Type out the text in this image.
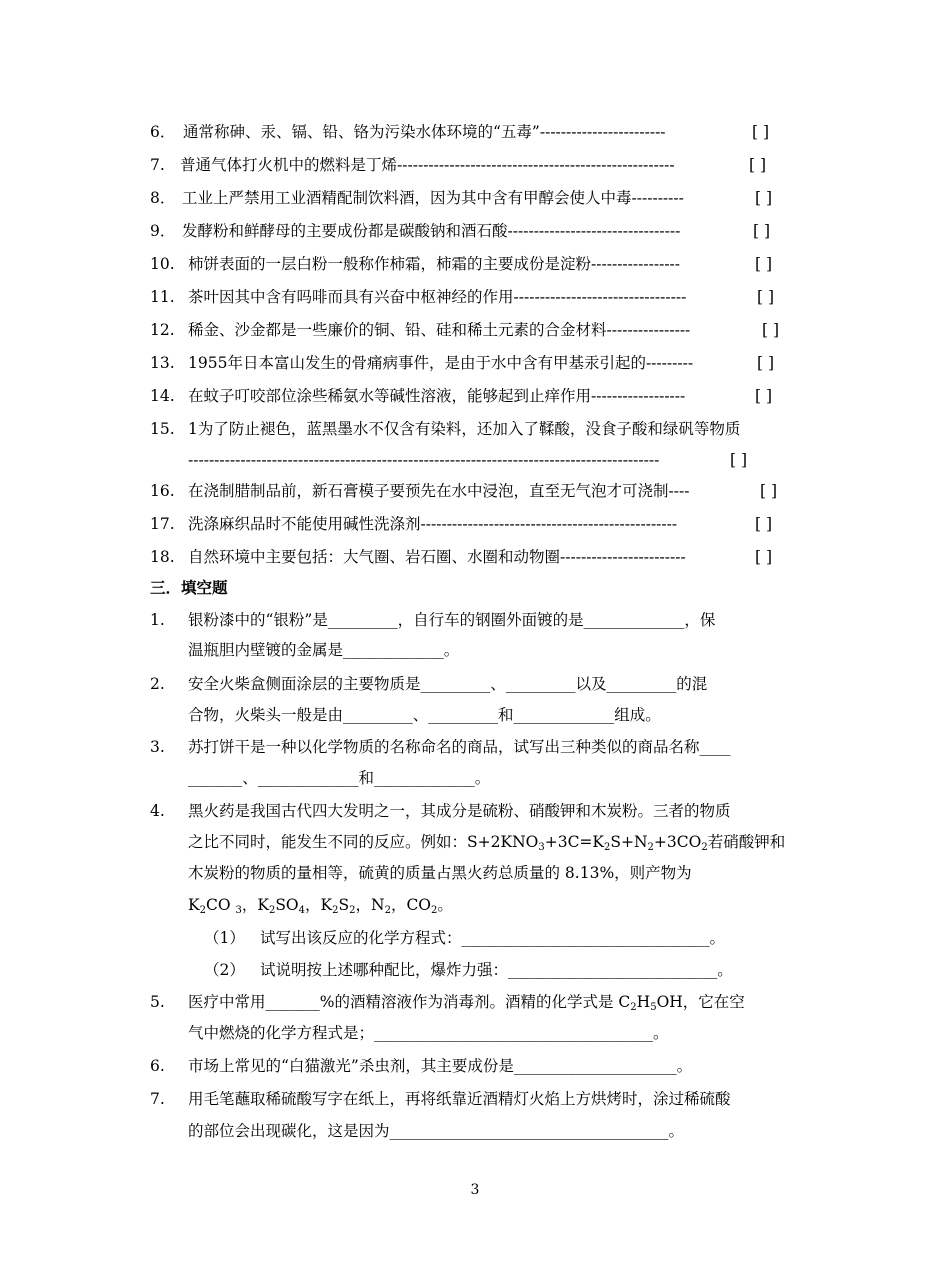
6． 通常称砷、汞、镉、铅、铬为污染水体环境的“五毒”------------------------	[ ]
7. 普通气体打火机中的燃料是丁烯-----------------------------------------------------	[ ]
8． 工业上严禁用工业酒精配制饮料酒，因为其中含有甲醇会使人中毒----------	[ ]
9． 发酵粉和鲜酵母的主要成份都是碳酸钠和酒石酸---------------------------------	[ ]
10. 柿饼表面的一层白粉一般称作柿霜，柿霜的主要成份是淀粉-----------------	[ ]
11. 茶叶因其中含有吗啡而具有兴奋中枢神经的作用---------------------------------	[ ]
12. 稀金、沙金都是一些廉价的铜、铅、硅和稀土元素的合金材料----------------	[ ]
13. 1955年日本富山发生的骨痛病事件，是由于水中含有甲基汞引起的---------	[ ]
14. 在蚊子叮咬部位涂些稀氨水等碱性溶液，能够起到止痒作用------------------	[ ]
15. 1为了防止褪色，蓝黑墨水不仅含有染料，还加入了鞣酸，没食子酸和绿矾等物质
------------------------------------------------------------------------------------------	[ ]
16. 在浇制腊制品前，新石膏模子要预先在水中浸泡，直至无气泡才可浇制----	[ ]
17. 洗涤麻织品时不能使用碱性洗涤剂-------------------------------------------------	[ ]
18. 自然环境中主要包括：大气圈、岩石圈、水圈和动物圈------------------------	[ ]
三．填空题
1. 银粉漆中的“银粉”是_________，自行车的钢圈外面镀的是_____________，保
温瓶胆内壁镀的金属是_____________。
2. 安全火柴盒侧面涂层的主要物质是_________、_________以及_________的混
合物，火柴头一般是由_________、_________和_____________组成。
3. 苏打饼干是一种以化学物质的名称命名的商品，试写出三种类似的商品名称____
_______、_____________和_____________。
4. 黑火药是我国古代四大发明之一，其成分是硫粉、硝酸钾和木炭粉。三者的物质
之比不同时，能发生不同的反应。例如：$S+2KNO_3+3C=K_2S+N_2+3CO_2$若硝酸钾和
木炭粉的物质的量相等，硫黄的质量占黑火药总质量的 8.13%，则产物为
$K_2CO$ $_3$，$K_2SO_4$，$K_2S_2$，$N_2$，$CO_2$。
（1） 试写出该反应的化学方程式：________________________________。
（2） 试说明按上述哪种配比，爆炸力强：___________________________。
5. 医疗中常用_______%的酒精溶液作为消毒剂。酒精的化学式是 $C_2H_5OH$，它在空
气中燃烧的化学方程式是；____________________________________。
6. 市场上常见的“白猫激光”杀虫剂，其主要成份是_____________________。
7. 用毛笔蘸取稀硫酸写字在纸上，再将纸靠近酒精灯火焰上方烘烤时，涂过稀硫酸
的部位会出现碳化，这是因为____________________________________。
3
